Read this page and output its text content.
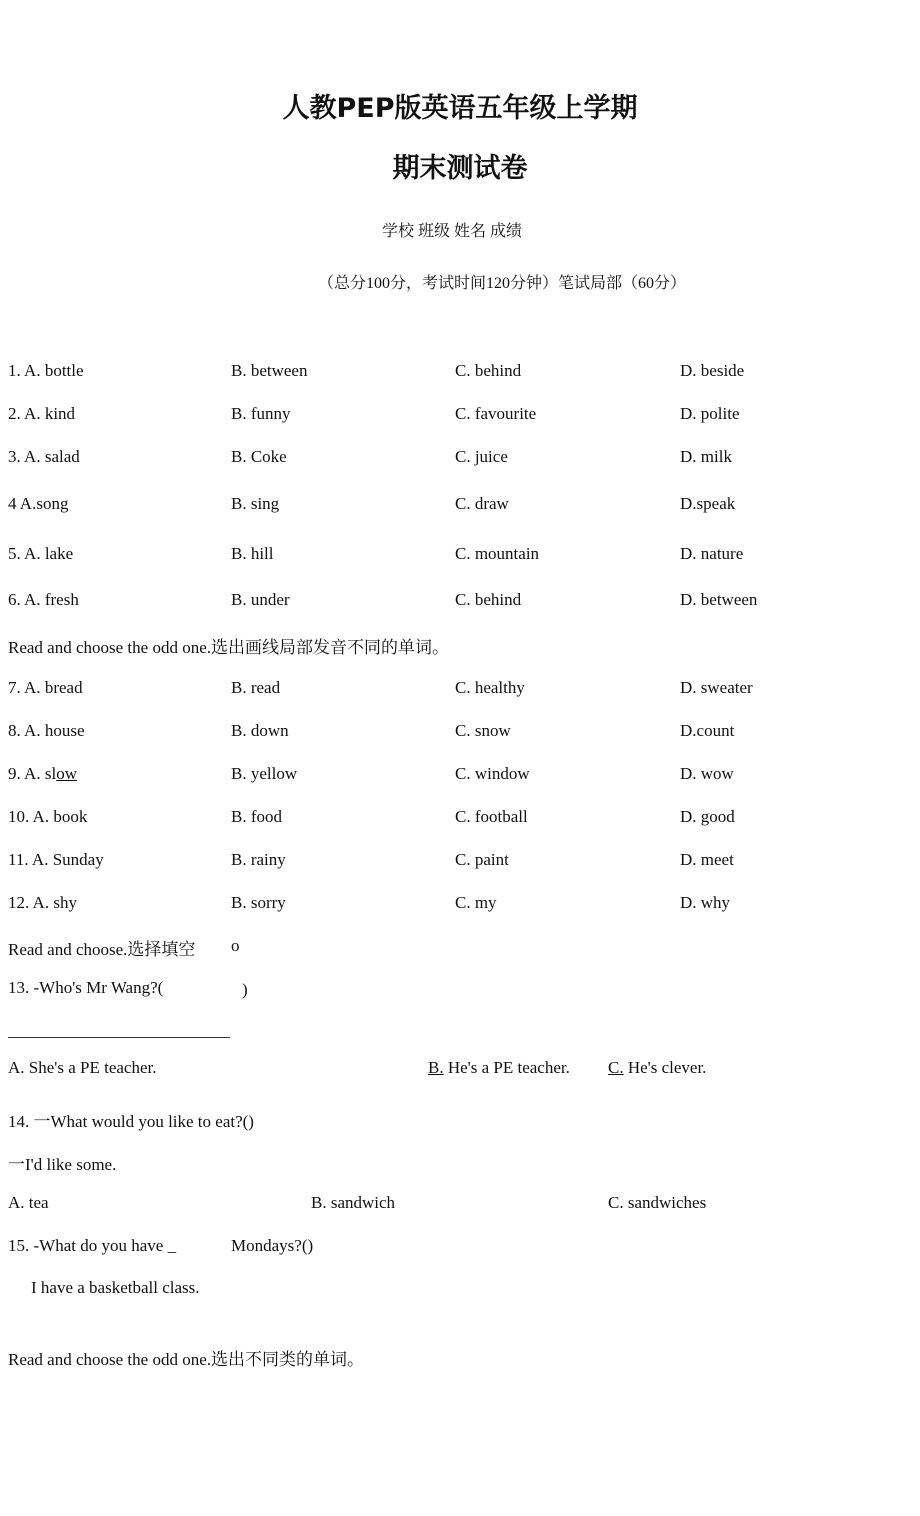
人教PEP版英语五年级上学期
期末测试卷
学校 班级 姓名 成绩
（总分100分，考试时间120分钟）笔试局部（60分）
1. A. bottle	B. between	C. behind	D. beside
2. A. kind	B. funny	C. favourite	D. polite
3. A. salad	B. Coke	C. juice	D. milk
4 A.song	B. sing	C. draw	D.speak
5. A. lake	B. hill	C. mountain	D. nature
6. A. fresh	B. under	C. behind	D. between
Read and choose the odd one.选出画线局部发音不同的单词。
7. A. bread	B. read	C. healthy	D. sweater
8. A. house	B. down	C. snow	D.count
9. A. slow	B. yellow	C. window	D. wow
10. A. book	B. food	C. football	D. good
11. A. Sunday	B. rainy	C. paint	D. meet
12. A. shy	B. sorry	C. my	D. why
Read and choose.选择填空 o
13. -Who's Mr Wang?(	)
A. She's a PE teacher.	B. He's a PE teacher. C. He's clever.
14. 一What would you like to eat?()
一I'd like some.
A. tea	B. sandwich	C. sandwiches
15. -What do you have _	Mondays?()
I have a basketball class.
Read and choose the odd one.选出不同类的单词。
